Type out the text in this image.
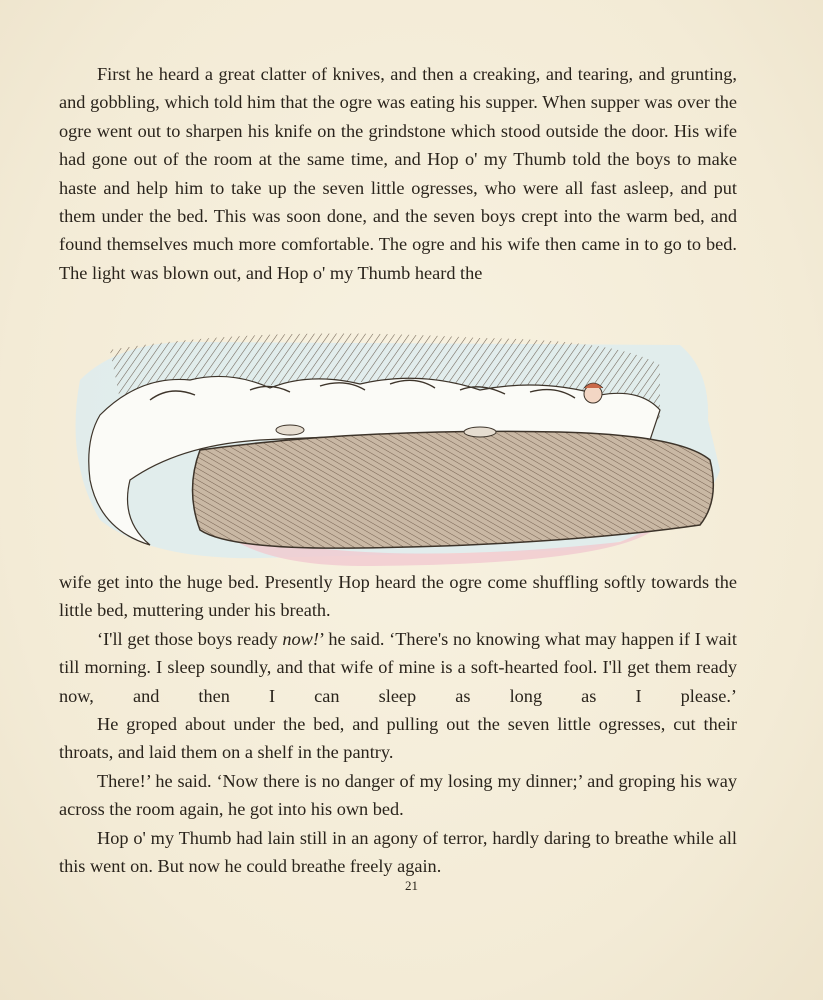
First he heard a great clatter of knives, and then a creaking, and tearing, and grunting, and gobbling, which told him that the ogre was eating his supper. When supper was over the ogre went out to sharpen his knife on the grindstone which stood outside the door. His wife had gone out of the room at the same time, and Hop o' my Thumb told the boys to make haste and help him to take up the seven little ogresses, who were all fast asleep, and put them under the bed. This was soon done, and the seven boys crept into the warm bed, and found themselves much more comfortable. The ogre and his wife then came in to go to bed. The light was blown out, and Hop o' my Thumb heard the

wife get into the huge bed. Presently Hop heard the ogre come shuffling softly towards the little bed, muttering under his breath.

‘I'll get those boys ready now!’ he said. ‘There's no knowing what may happen if I wait till morning. I sleep soundly, and that wife of mine is a soft-hearted fool. I'll get them ready now, and then I can sleep as long as I please.’

He groped about under the bed, and pulling out the seven little ogresses, cut their throats, and laid them on a shelf in the pantry.

There!’ he said. ‘Now there is no danger of my losing my dinner;’ and groping his way across the room again, he got into his own bed.

Hop o' my Thumb had lain still in an agony of terror, hardly daring to breathe while all this went on. But now he could breathe freely again.

21
